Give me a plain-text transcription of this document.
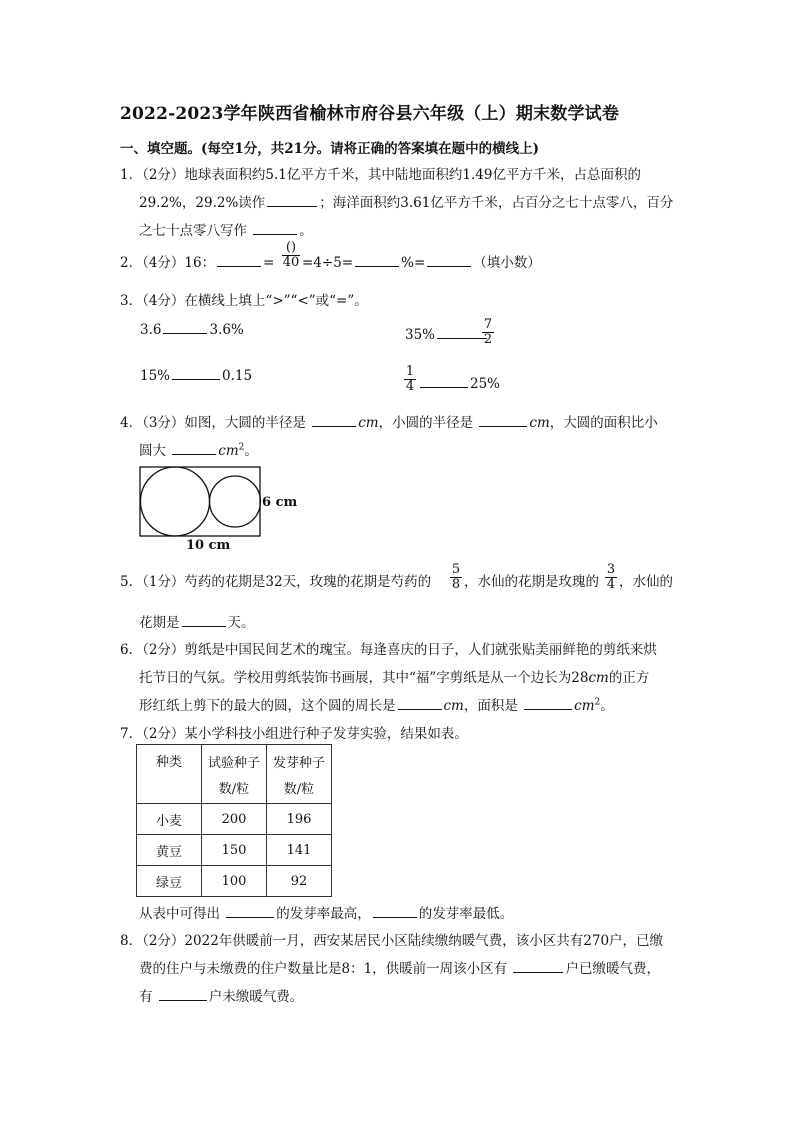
2022-2023学年陕西省榆林市府谷县六年级（上）期末数学试卷
一、填空题。(每空1分，共21分。请将正确的答案填在题中的横线上)
1．（2分）地球表面积约5.1亿平方千米，其中陆地面积约1.49亿平方千米，占总面积的
29.2%，29.2%读作	；海洋面积约3.61亿平方千米，占百分之七十点零八，百分
之七十点零八写作	。
2．（4分）16：	=
()
40 =4÷5=	%=	（填小数）
3．（4分）在横线上填上“>”“<”或“=”。
3.6	3.6%	35%	$\frac{7}{2}$
15%	0.15	$\frac{1}{4}$	25%
4．（3分）如图，大圆的半径是	cm，小圆的半径是	cm，大圆的面积比小
圆大	$cm^2$。
6 cm
10 cm
5．（1分）芍药的花期是32天，玫瑰的花期是芍药的 $\frac{5}{8}$ ，水仙的花期是玫瑰的 $\frac{3}{4}$ ，水仙的
花期是	天。
6．（2分）剪纸是中国民间艺术的瑰宝。每逢喜庆的日子，人们就张贴美丽鲜艳的剪纸来烘
托节日的气氛。学校用剪纸装饰书画展，其中“福”字剪纸是从一个边长为28cm的正方
形红纸上剪下的最大的圆，这个圆的周长是	cm，面积是	$cm^2$。
7．（2分）某小学科技小组进行种子发芽实验，结果如表。
种类	试验种子
数/粒	发芽种子
数/粒
小麦	200	196
黄豆	150	141
绿豆	100	92
从表中可得出	的发芽率最高，	的发芽率最低。
8．（2分）2022年供暖前一月，西安某居民小区陆续缴纳暖气费，该小区共有270户，已缴
费的住户与未缴费的住户数量比是8：1，供暖前一周该小区有	户已缴暖气费，
有	户未缴暖气费。
